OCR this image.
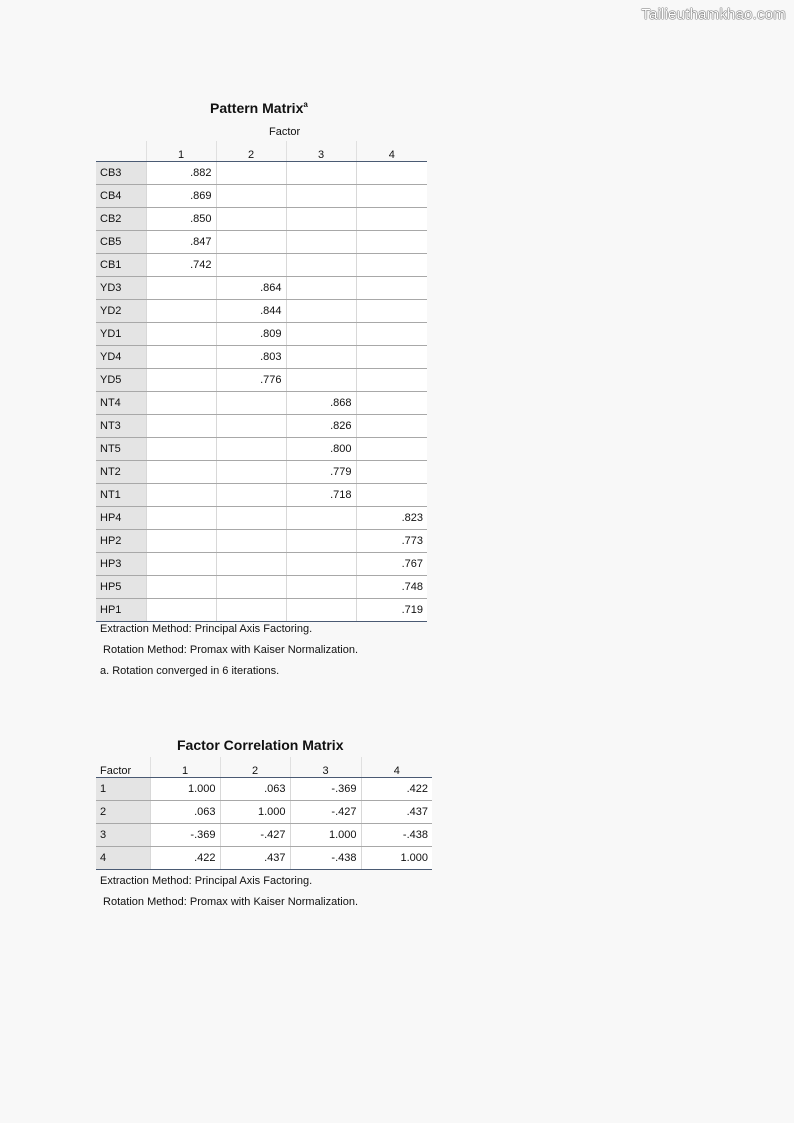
Tailieuthamkhao.com
Pattern Matrix$^a$
Factor
	1	2	3	4
CB3	.882			
CB4	.869			
CB2	.850			
CB5	.847			
CB1	.742			
YD3		.864		
YD2		.844		
YD1		.809		
YD4		.803		
YD5		.776		
NT4			.868	
NT3			.826	
NT5			.800	
NT2			.779	
NT1			.718	
HP4				.823
HP2				.773
HP3				.767
HP5				.748
HP1				.719
Extraction Method: Principal Axis Factoring.
Rotation Method: Promax with Kaiser Normalization.
a. Rotation converged in 6 iterations.
Factor Correlation Matrix
Factor	1	2	3	4
1	1.000	.063	-.369	.422
2	.063	1.000	-.427	.437
3	-.369	-.427	1.000	-.438
4	.422	.437	-.438	1.000
Extraction Method: Principal Axis Factoring.
Rotation Method: Promax with Kaiser Normalization.
